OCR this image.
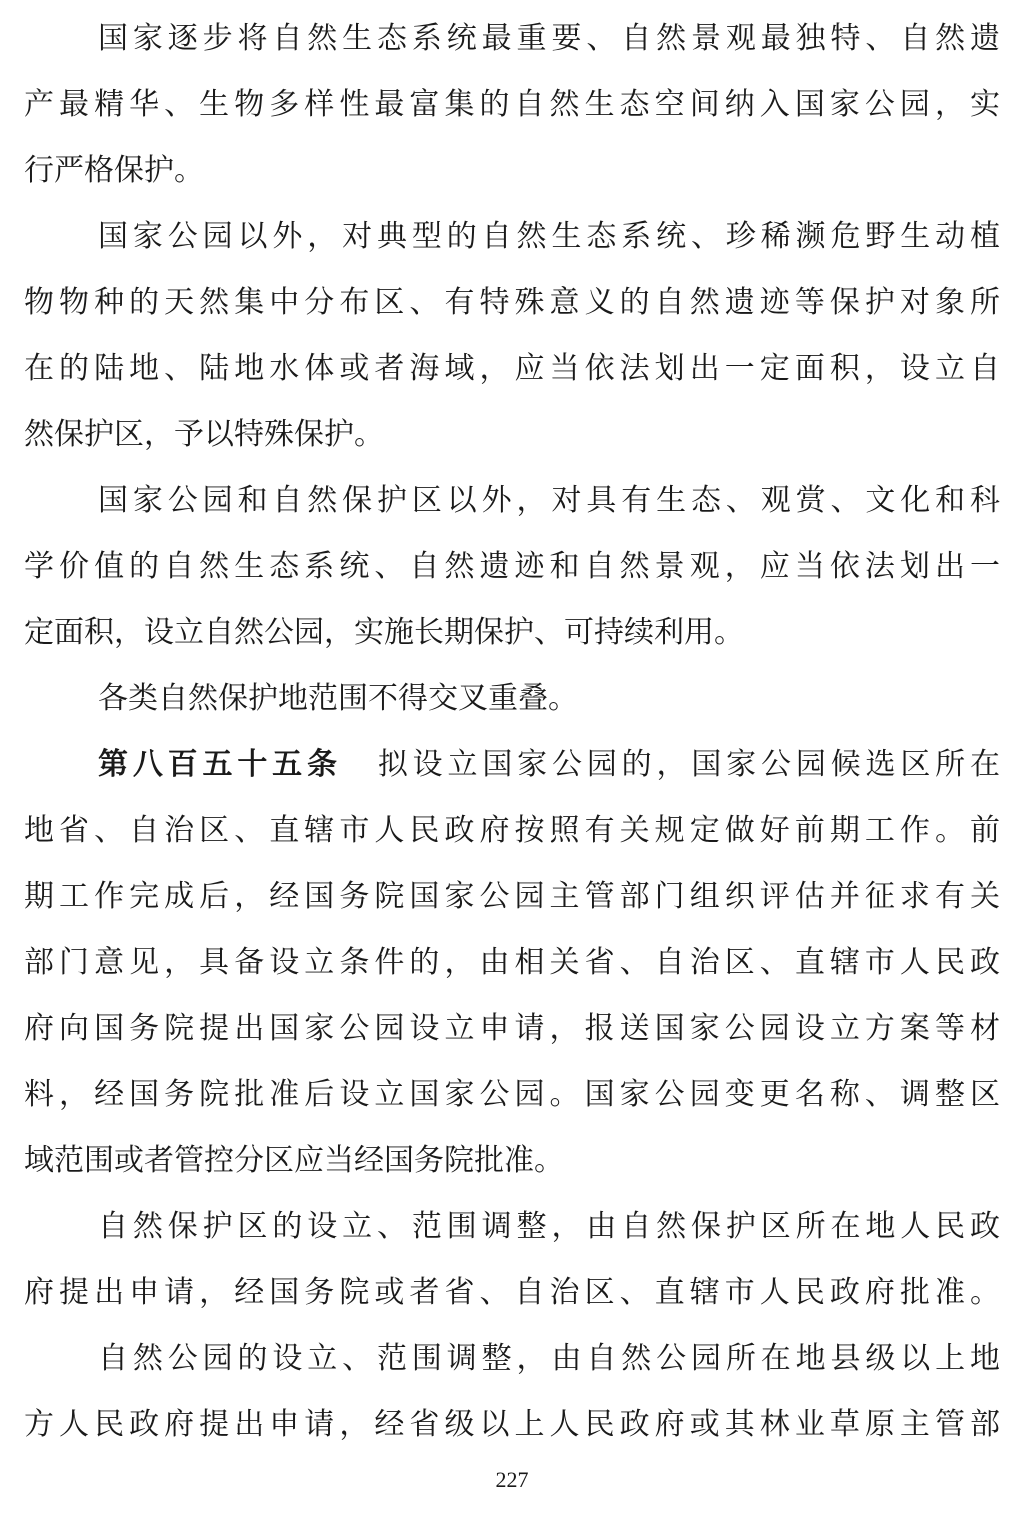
国家逐步将自然生态系统最重要、自然景观最独特、自然遗
产最精华、生物多样性最富集的自然生态空间纳入国家公园，实
行严格保护。
国家公园以外，对典型的自然生态系统、珍稀濒危野生动植
物物种的天然集中分布区、有特殊意义的自然遗迹等保护对象所
在的陆地、陆地水体或者海域，应当依法划出一定面积，设立自
然保护区，予以特殊保护。
国家公园和自然保护区以外，对具有生态、观赏、文化和科
学价值的自然生态系统、自然遗迹和自然景观，应当依法划出一
定面积，设立自然公园，实施长期保护、可持续利用。
各类自然保护地范围不得交叉重叠。
第八百五十五条 拟设立国家公园的，国家公园候选区所在
地省、自治区、直辖市人民政府按照有关规定做好前期工作。前
期工作完成后，经国务院国家公园主管部门组织评估并征求有关
部门意见，具备设立条件的，由相关省、自治区、直辖市人民政
府向国务院提出国家公园设立申请，报送国家公园设立方案等材
料，经国务院批准后设立国家公园。国家公园变更名称、调整区
域范围或者管控分区应当经国务院批准。
自然保护区的设立、范围调整，由自然保护区所在地人民政
府提出申请，经国务院或者省、自治区、直辖市人民政府批准。
自然公园的设立、范围调整，由自然公园所在地县级以上地
方人民政府提出申请，经省级以上人民政府或其林业草原主管部
227
